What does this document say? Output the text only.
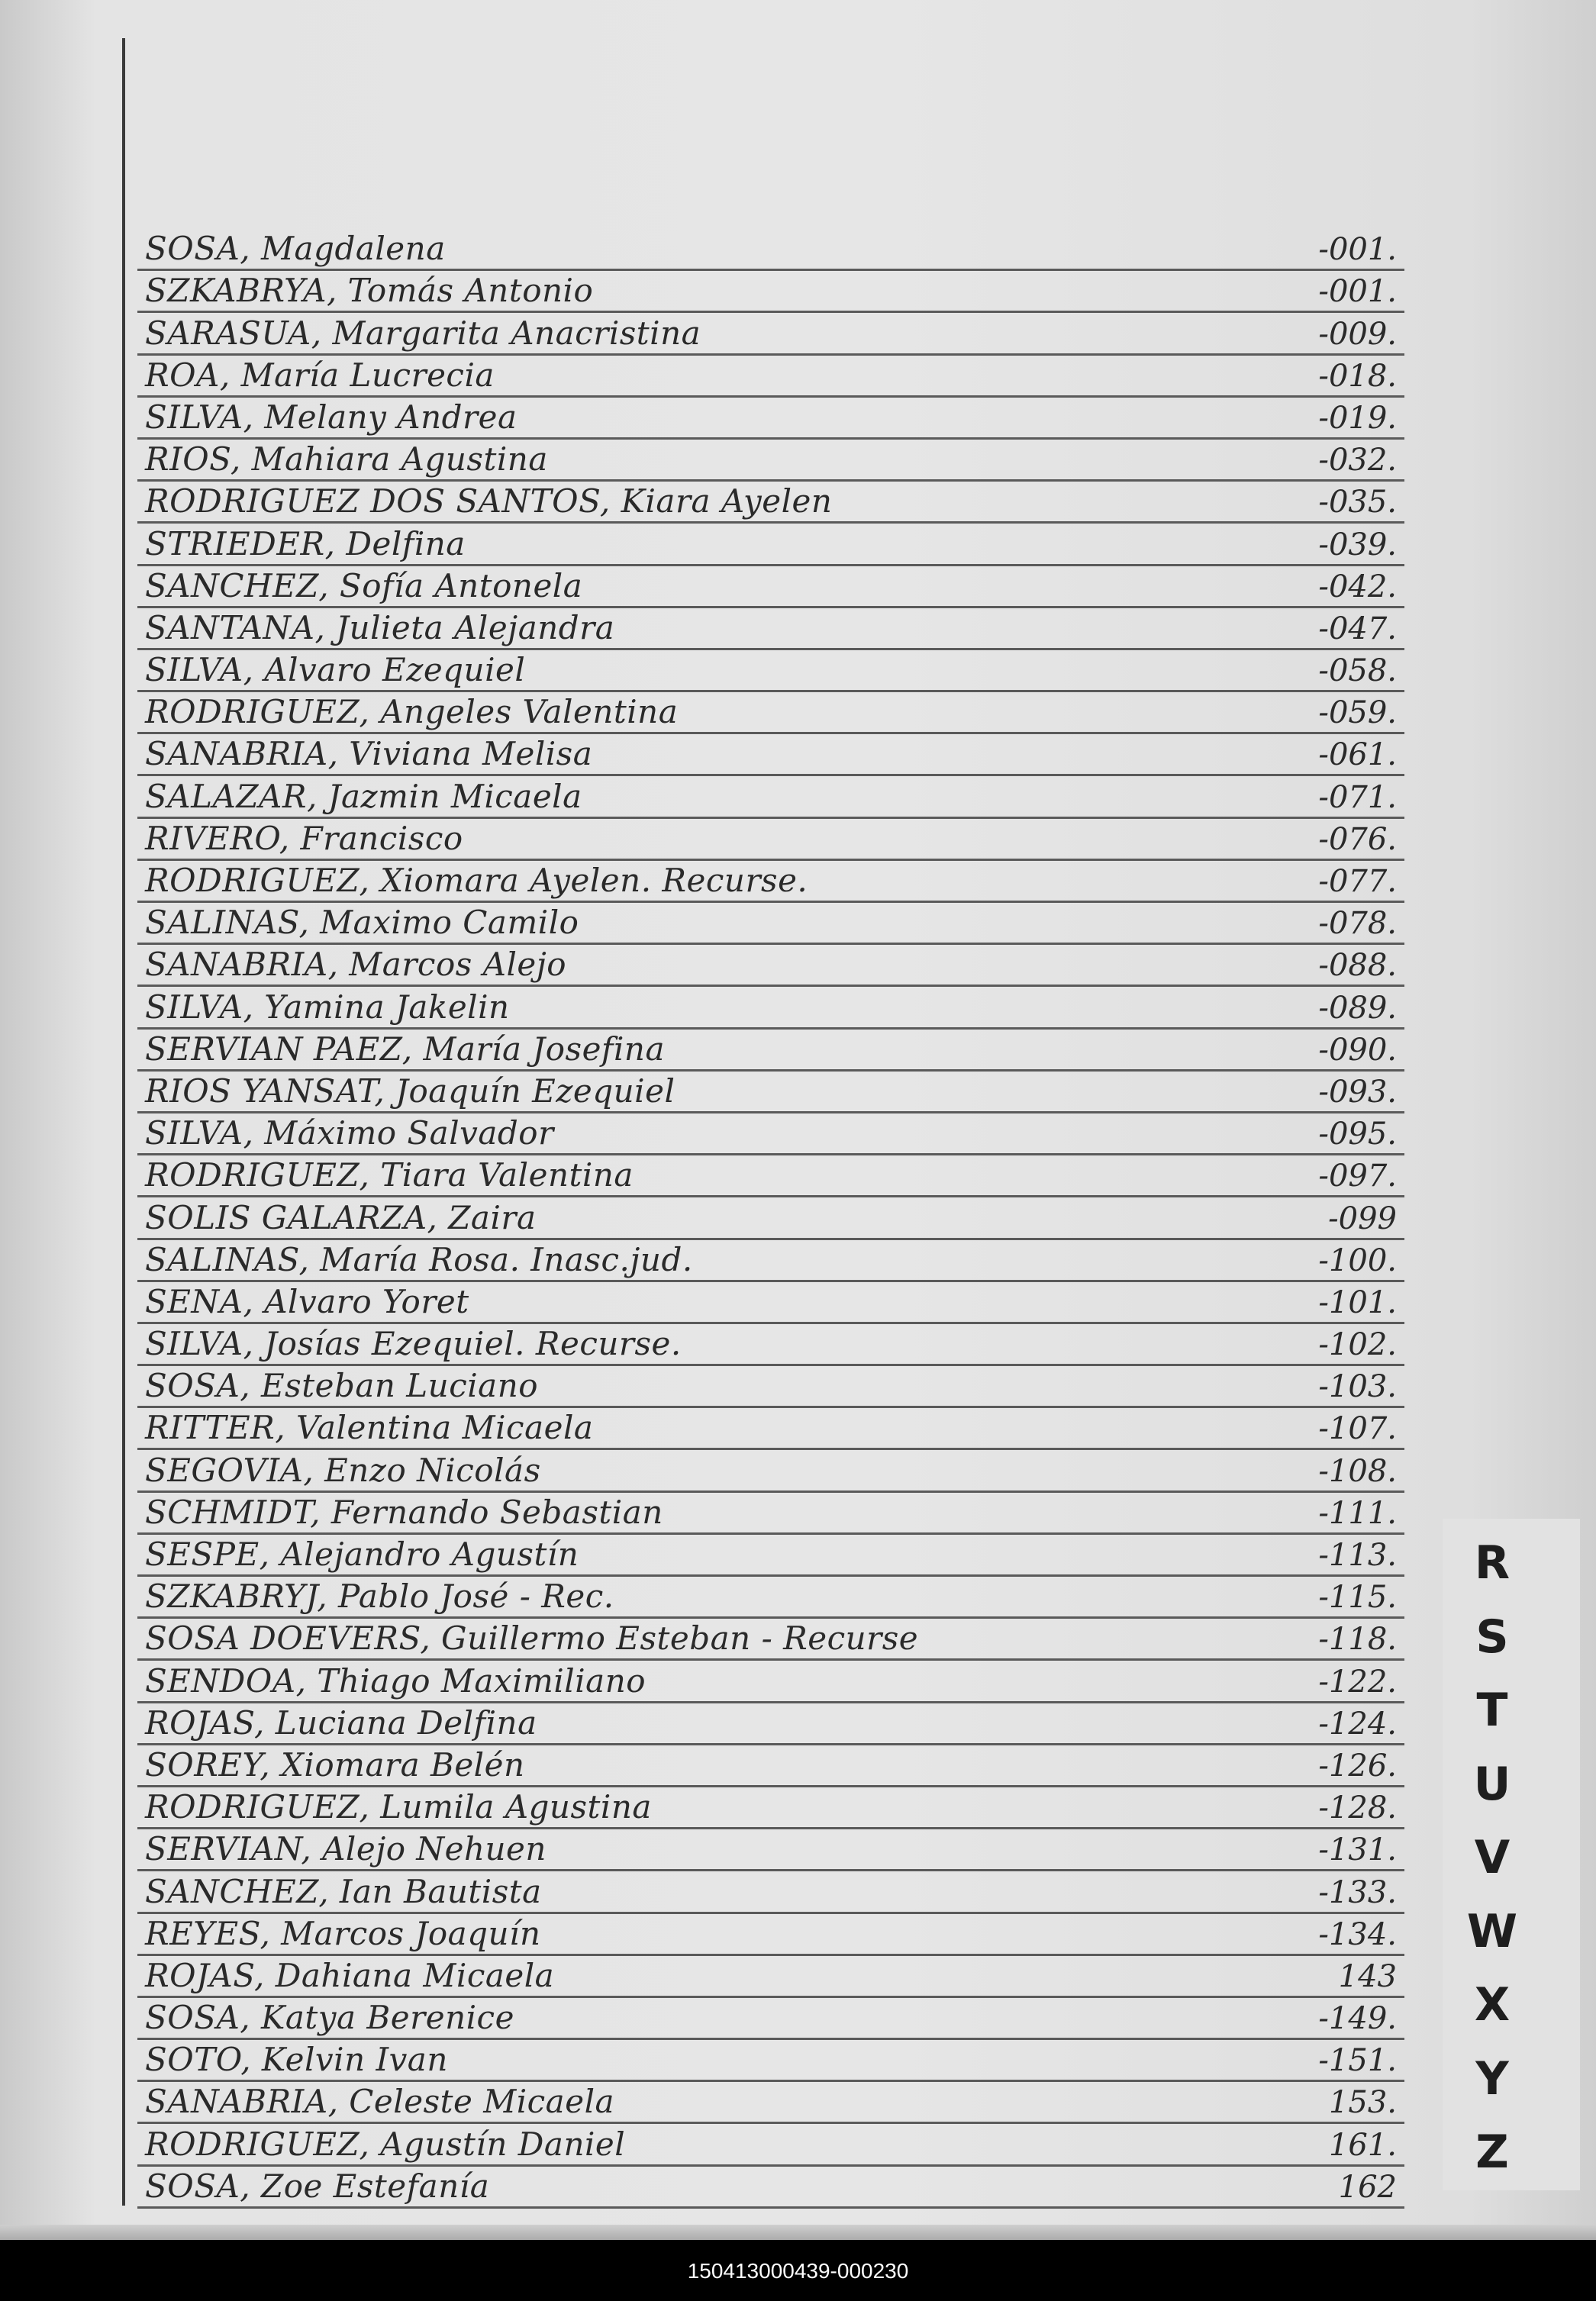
SOSA, Magdalena	-001.
SZKABRYA, Tomás Antonio	-001.
SARASUA, Margarita Anacristina	-009.
ROA, María Lucrecia	-018.
SILVA, Melany Andrea	-019.
RIOS, Mahiara Agustina	-032.
RODRIGUEZ DOS SANTOS, Kiara Ayelen	-035.
STRIEDER, Delfina	-039.
SANCHEZ, Sofía Antonela	-042.
SANTANA, Julieta Alejandra	-047.
SILVA, Alvaro Ezequiel	-058.
RODRIGUEZ, Angeles Valentina	-059.
SANABRIA, Viviana Melisa	-061.
SALAZAR, Jazmin Micaela	-071.
RIVERO, Francisco	-076.
RODRIGUEZ, Xiomara Ayelen. Recurse.	-077.
SALINAS, Maximo Camilo	-078.
SANABRIA, Marcos Alejo	-088.
SILVA, Yamina Jakelin	-089.
SERVIAN PAEZ, María Josefina	-090.
RIOS YANSAT, Joaquín Ezequiel	-093.
SILVA, Máximo Salvador	-095.
RODRIGUEZ, Tiara Valentina	-097.
SOLIS GALARZA, Zaira	-099
SALINAS, María Rosa. Inasc.jud.	-100.
SENA, Alvaro Yoret	-101.
SILVA, Josías Ezequiel. Recurse.	-102.
SOSA, Esteban Luciano	-103.
RITTER, Valentina Micaela	-107.
SEGOVIA, Enzo Nicolás	-108.
SCHMIDT, Fernando Sebastian	-111.
SESPE, Alejandro Agustín	-113.
SZKABRYJ, Pablo José - Rec.	-115.
SOSA DOEVERS, Guillermo Esteban - Recurse	-118.
SENDOA, Thiago Maximiliano	-122.
ROJAS, Luciana Delfina	-124.
SOREY, Xiomara Belén	-126.
RODRIGUEZ, Lumila Agustina	-128.
SERVIAN, Alejo Nehuen	-131.
SANCHEZ, Ian Bautista	-133.
REYES, Marcos Joaquín	-134.
ROJAS, Dahiana Micaela	143
SOSA, Katya Berenice	-149.
SOTO, Kelvin Ivan	-151.
SANABRIA, Celeste Micaela	153.
RODRIGUEZ, Agustín Daniel	161.
SOSA, Zoe Estefanía	162
R
S
T
U
V
W
X
Y
Z
150413000439-000230
